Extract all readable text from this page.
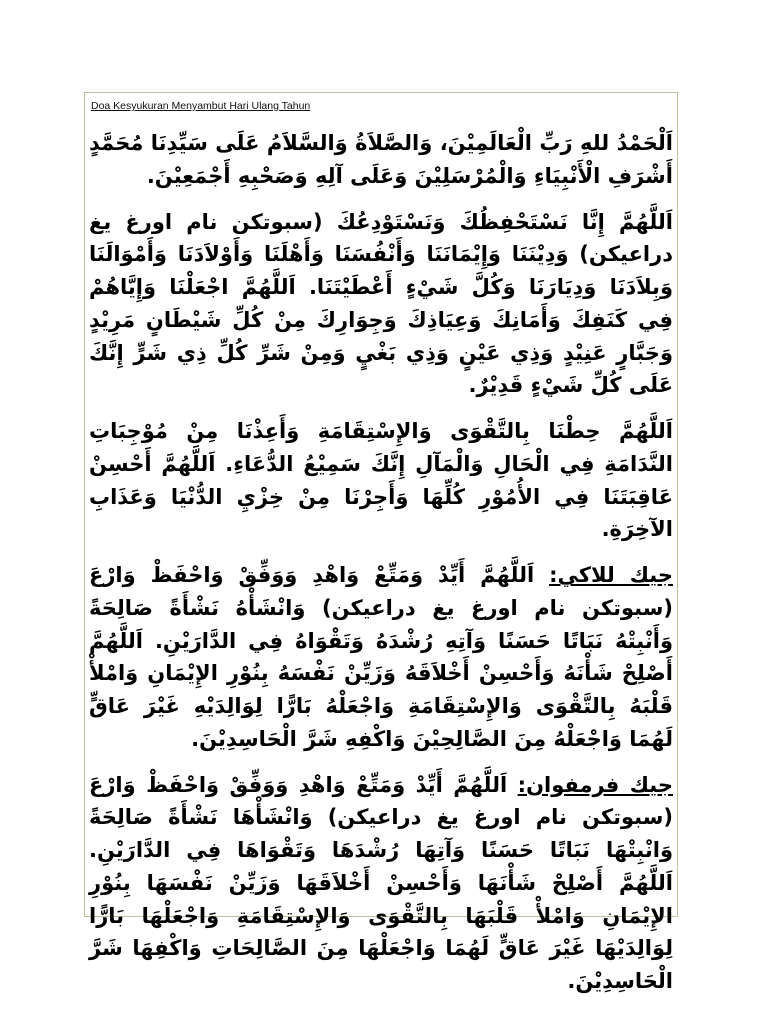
Doa Kesyukuran Menyambut Hari Ulang Tahun

اَلْحَمْدُ للهِ رَبِّ الْعَالَمِيْنَ، وَالصَّلاَةُ وَالسَّلاَمُ عَلَى سَيِّدِنَا مُحَمَّدٍ أَشْرَفِ الْأَنْبِيَاءِ وَالْمُرْسَلِيْنَ وَعَلَى آلِهِ وَصَحْبِهِ أَجْمَعِيْنَ.

اَللَّهُمَّ إِنَّا نَسْتَحْفِظُكَ وَنَسْتَوْدِعُكَ (سبوتكن نام اورغ يغ دراعيكن) وَدِيْنَنَا وَإِيْمَانَنَا وَأَنْفُسَنَا وَأَهْلَنَا وَأَوْلاَدَنَا وَأَمْوَالَنَا وَبِلاَدَنَا وَدِيَارَنَا وَكُلَّ شَيْءٍ أَعْطَيْتَنَا. اَللَّهُمَّ اجْعَلْنَا وَإِيَّاهُمْ فِي كَنَفِكَ وَأَمَانِكَ وَعِيَاذِكَ وَجِوَارِكَ مِنْ كُلِّ شَيْطَانٍ مَرِيْدٍ وَجَبَّارٍ عَنِيْدٍ وَذِي عَيْنٍ وَذِي بَغْيٍ وَمِنْ شَرِّ كُلِّ ذِي شَرٍّ إِنَّكَ عَلَى كُلِّ شَيْءٍ قَدِيْرٌ.

اَللَّهُمَّ حِطْنَا بِالتَّقْوَى وَالإِسْتِقَامَةِ وَأَعِذْنَا مِنْ مُوْجِبَاتِ النَّدَامَةِ فِي الْحَالِ وَالْمَآلِ إِنَّكَ سَمِيْعُ الدُّعَاءِ. اَللَّهُمَّ أَحْسِنْ عَاقِبَتَنَا فِي الأُمُوْرِ كُلِّهَا وَأَجِرْنَا مِنْ خِزْيِ الدُّنْيَا وَعَذَابِ الآخِرَةِ.

جيك للاكي: اَللَّهُمَّ أَيِّدْ وَمَتِّعْ وَاهْدِ وَوَفِّقْ وَاحْفَظْ وَارْعَ (سبوتكن نام اورغ يغ دراعيكن) وَانْشَأْهُ نَشْأَةً صَالِحَةً وَأَنْبِتْهُ نَبَاتًا حَسَنًا وَآتِهِ رُشْدَهُ وَتَقْوَاهُ فِي الدَّارَيْنِ. اَللَّهُمَّ أَصْلِحْ شَأْنَهُ وَأَحْسِنْ أَخْلاَقَهُ وَزَيِّنْ نَفْسَهُ بِنُوْرِ الإِيْمَانِ وَامْلأْ قَلْبَهُ بِالتَّقْوَى وَالإِسْتِقَامَةِ وَاجْعَلْهُ بَارًّا لِوَالِدَيْهِ غَيْرَ عَاقٍّ لَهُمَا وَاجْعَلْهُ مِنَ الصَّالِحِيْنَ وَاكْفِهِ شَرَّ الْحَاسِدِيْنَ.

جيك فرمفوان: اَللَّهُمَّ أَيِّدْ وَمَتِّعْ وَاهْدِ وَوَفِّقْ وَاحْفَظْ وَارْعَ (سبوتكن نام اورغ يغ دراعيكن) وَانْشَأْهَا نَشْأَةً صَالِحَةً وَانْبِتْهَا نَبَاتًا حَسَنًا وَآتِهَا رُشْدَهَا وَتَقْوَاهَا فِي الدَّارَيْنِ. اَللَّهُمَّ أَصْلِحْ شَأْنَهَا وَأَحْسِنْ أَخْلاَقَهَا وَزَيِّنْ نَفْسَهَا بِنُوْرِ الإِيْمَانِ وَامْلأْ قَلْبَهَا بِالتَّقْوَى وَالإِسْتِقَامَةِ وَاجْعَلْهَا بَارًّا لِوَالِدَيْهَا غَيْرَ عَاقٍّ لَهُمَا وَاجْعَلْهَا مِنَ الصَّالِحَاتِ وَاكْفِهَا شَرَّ الْحَاسِدِيْنَ.
